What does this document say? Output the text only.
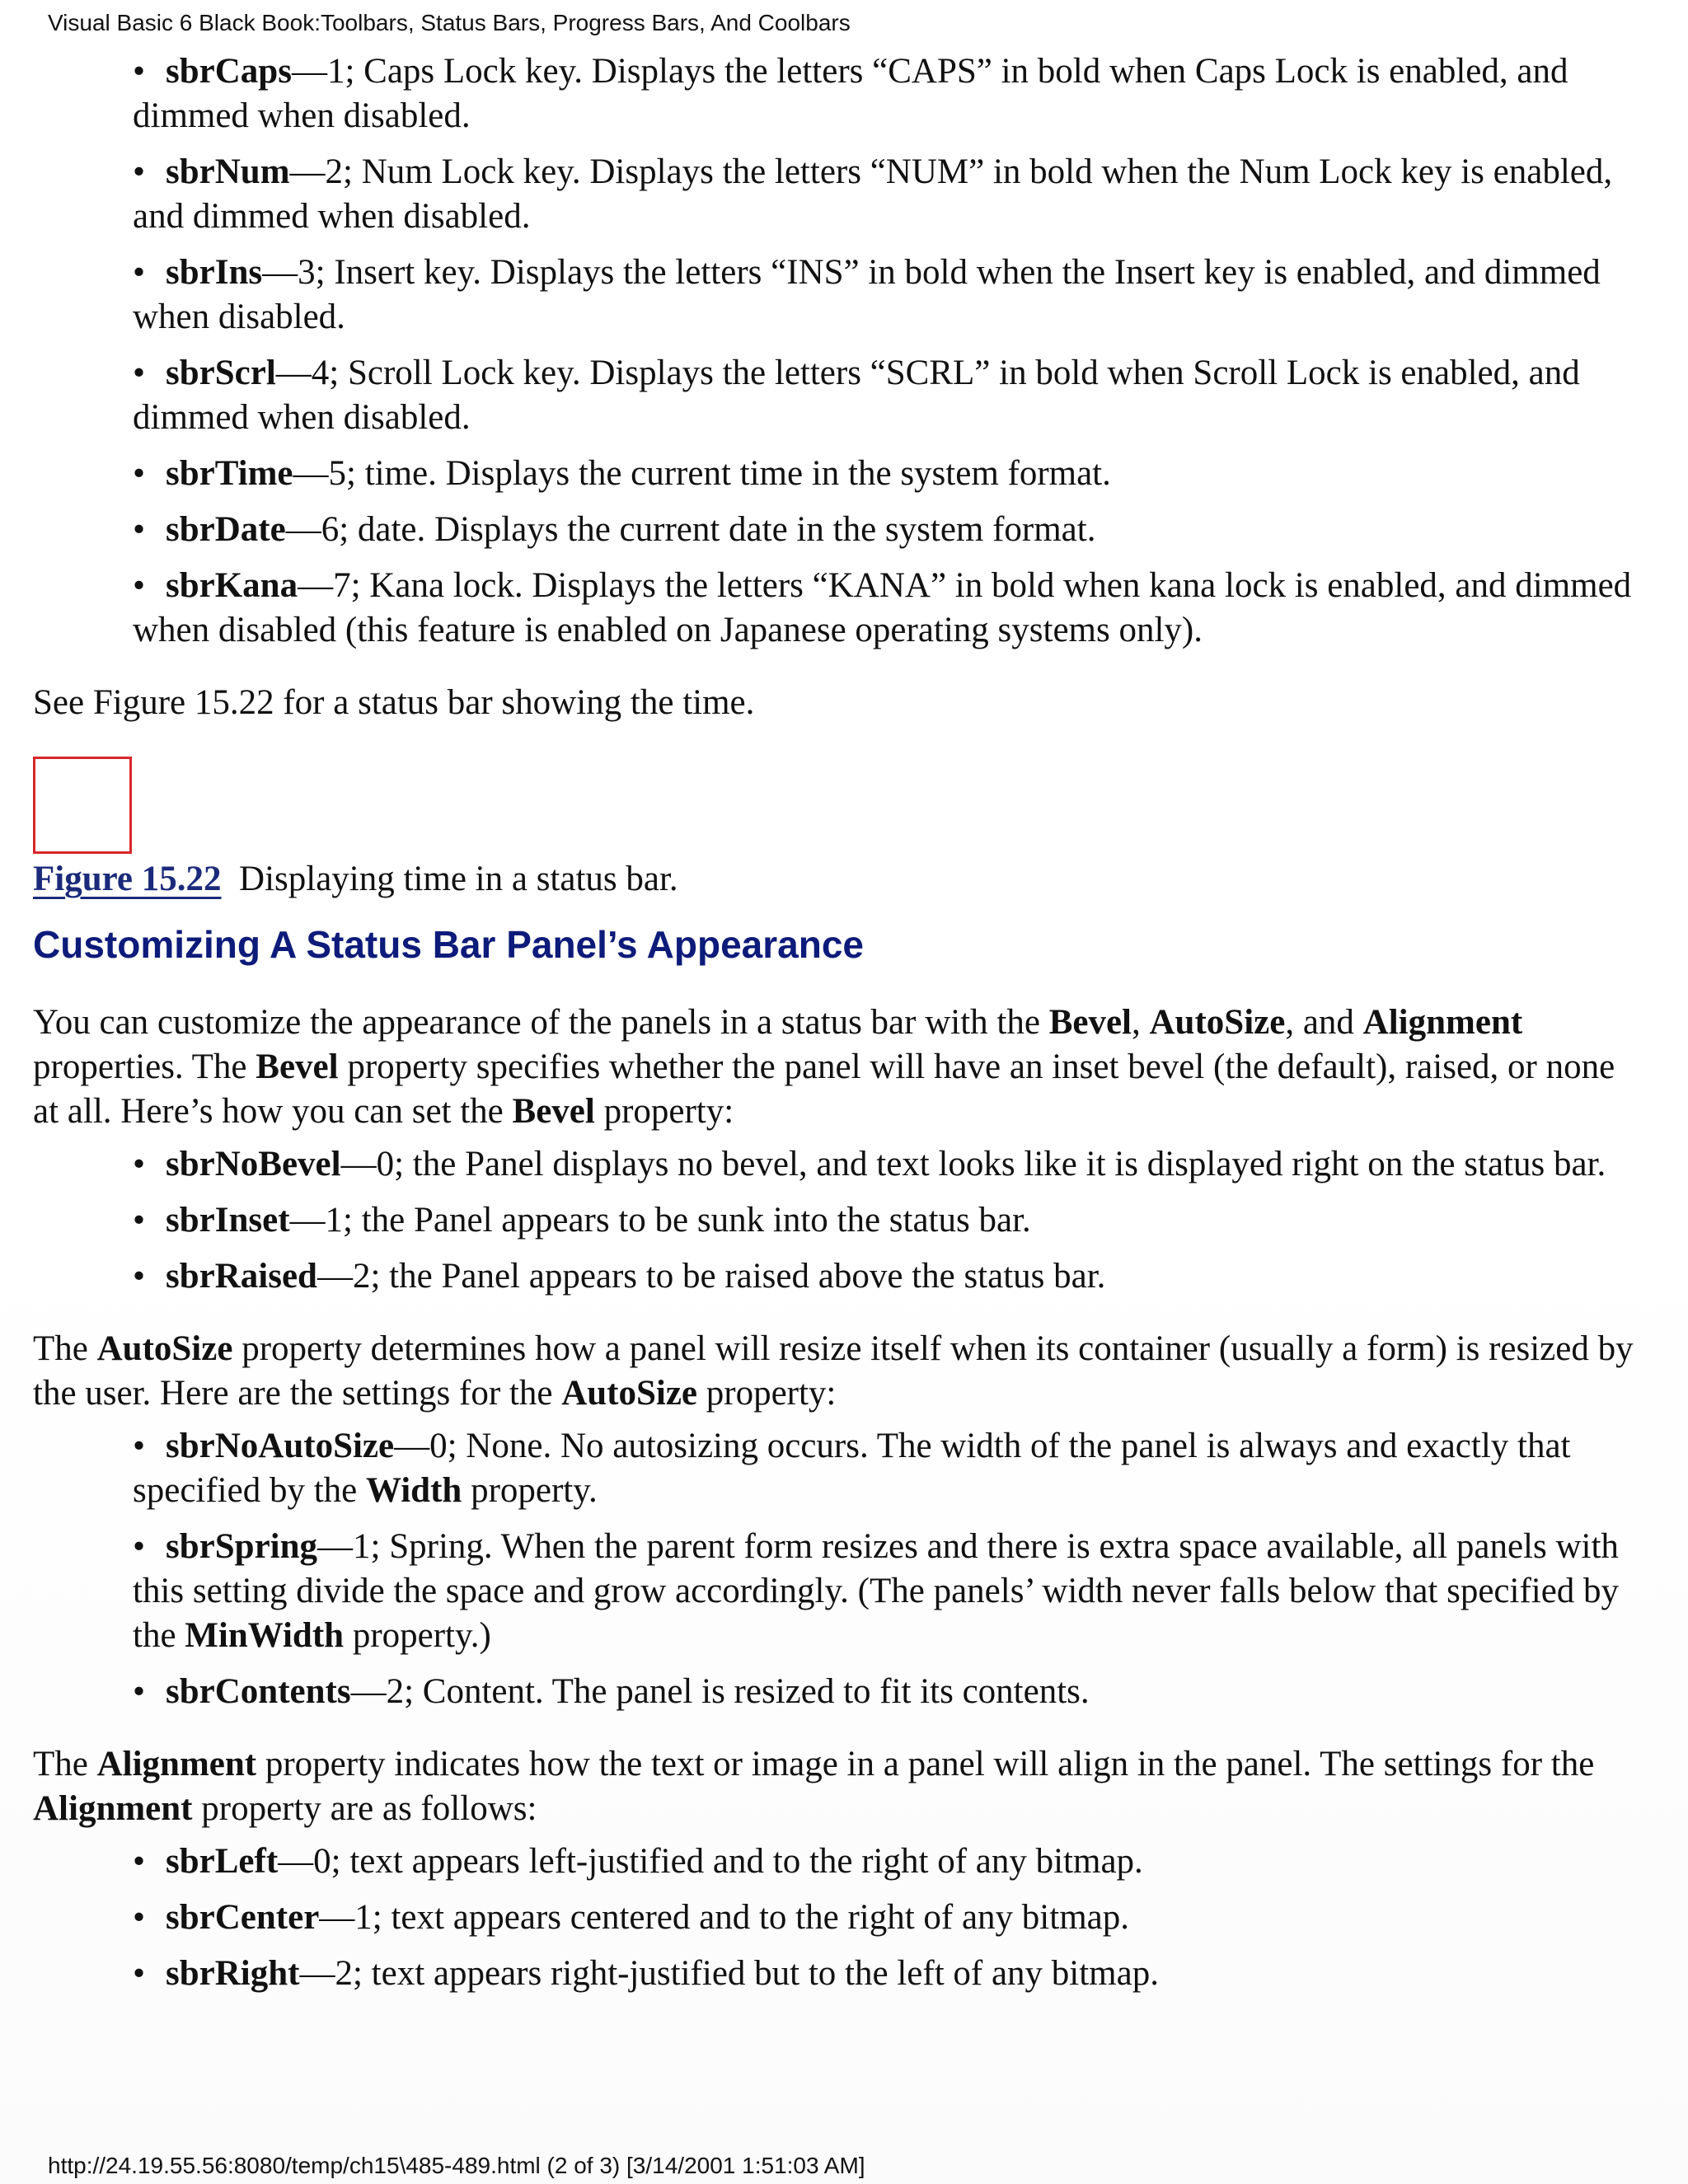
Visual Basic 6 Black Book:Toolbars, Status Bars, Progress Bars, And Coolbars
• sbrCaps—1; Caps Lock key. Displays the letters “CAPS” in bold when Caps Lock is enabled, and dimmed when disabled.
• sbrNum—2; Num Lock key. Displays the letters “NUM” in bold when the Num Lock key is enabled, and dimmed when disabled.
• sbrIns—3; Insert key. Displays the letters “INS” in bold when the Insert key is enabled, and dimmed when disabled.
• sbrScrl—4; Scroll Lock key. Displays the letters “SCRL” in bold when Scroll Lock is enabled, and dimmed when disabled.
• sbrTime—5; time. Displays the current time in the system format.
• sbrDate—6; date. Displays the current date in the system format.
• sbrKana—7; Kana lock. Displays the letters “KANA” in bold when kana lock is enabled, and dimmed when disabled (this feature is enabled on Japanese operating systems only).

See Figure 15.22 for a status bar showing the time.

Figure 15.22 Displaying time in a status bar.

Customizing A Status Bar Panel’s Appearance

You can customize the appearance of the panels in a status bar with the Bevel, AutoSize, and Alignment properties. The Bevel property specifies whether the panel will have an inset bevel (the default), raised, or none at all. Here’s how you can set the Bevel property:

• sbrNoBevel—0; the Panel displays no bevel, and text looks like it is displayed right on the status bar.
• sbrInset—1; the Panel appears to be sunk into the status bar.
• sbrRaised—2; the Panel appears to be raised above the status bar.

The AutoSize property determines how a panel will resize itself when its container (usually a form) is resized by the user. Here are the settings for the AutoSize property:

• sbrNoAutoSize—0; None. No autosizing occurs. The width of the panel is always and exactly that specified by the Width property.
• sbrSpring—1; Spring. When the parent form resizes and there is extra space available, all panels with this setting divide the space and grow accordingly. (The panels’ width never falls below that specified by the MinWidth property.)
• sbrContents—2; Content. The panel is resized to fit its contents.

The Alignment property indicates how the text or image in a panel will align in the panel. The settings for the Alignment property are as follows:

• sbrLeft—0; text appears left-justified and to the right of any bitmap.
• sbrCenter—1; text appears centered and to the right of any bitmap.
• sbrRight—2; text appears right-justified but to the left of any bitmap.
http://24.19.55.56:8080/temp/ch15\485-489.html (2 of 3) [3/14/2001 1:51:03 AM]
